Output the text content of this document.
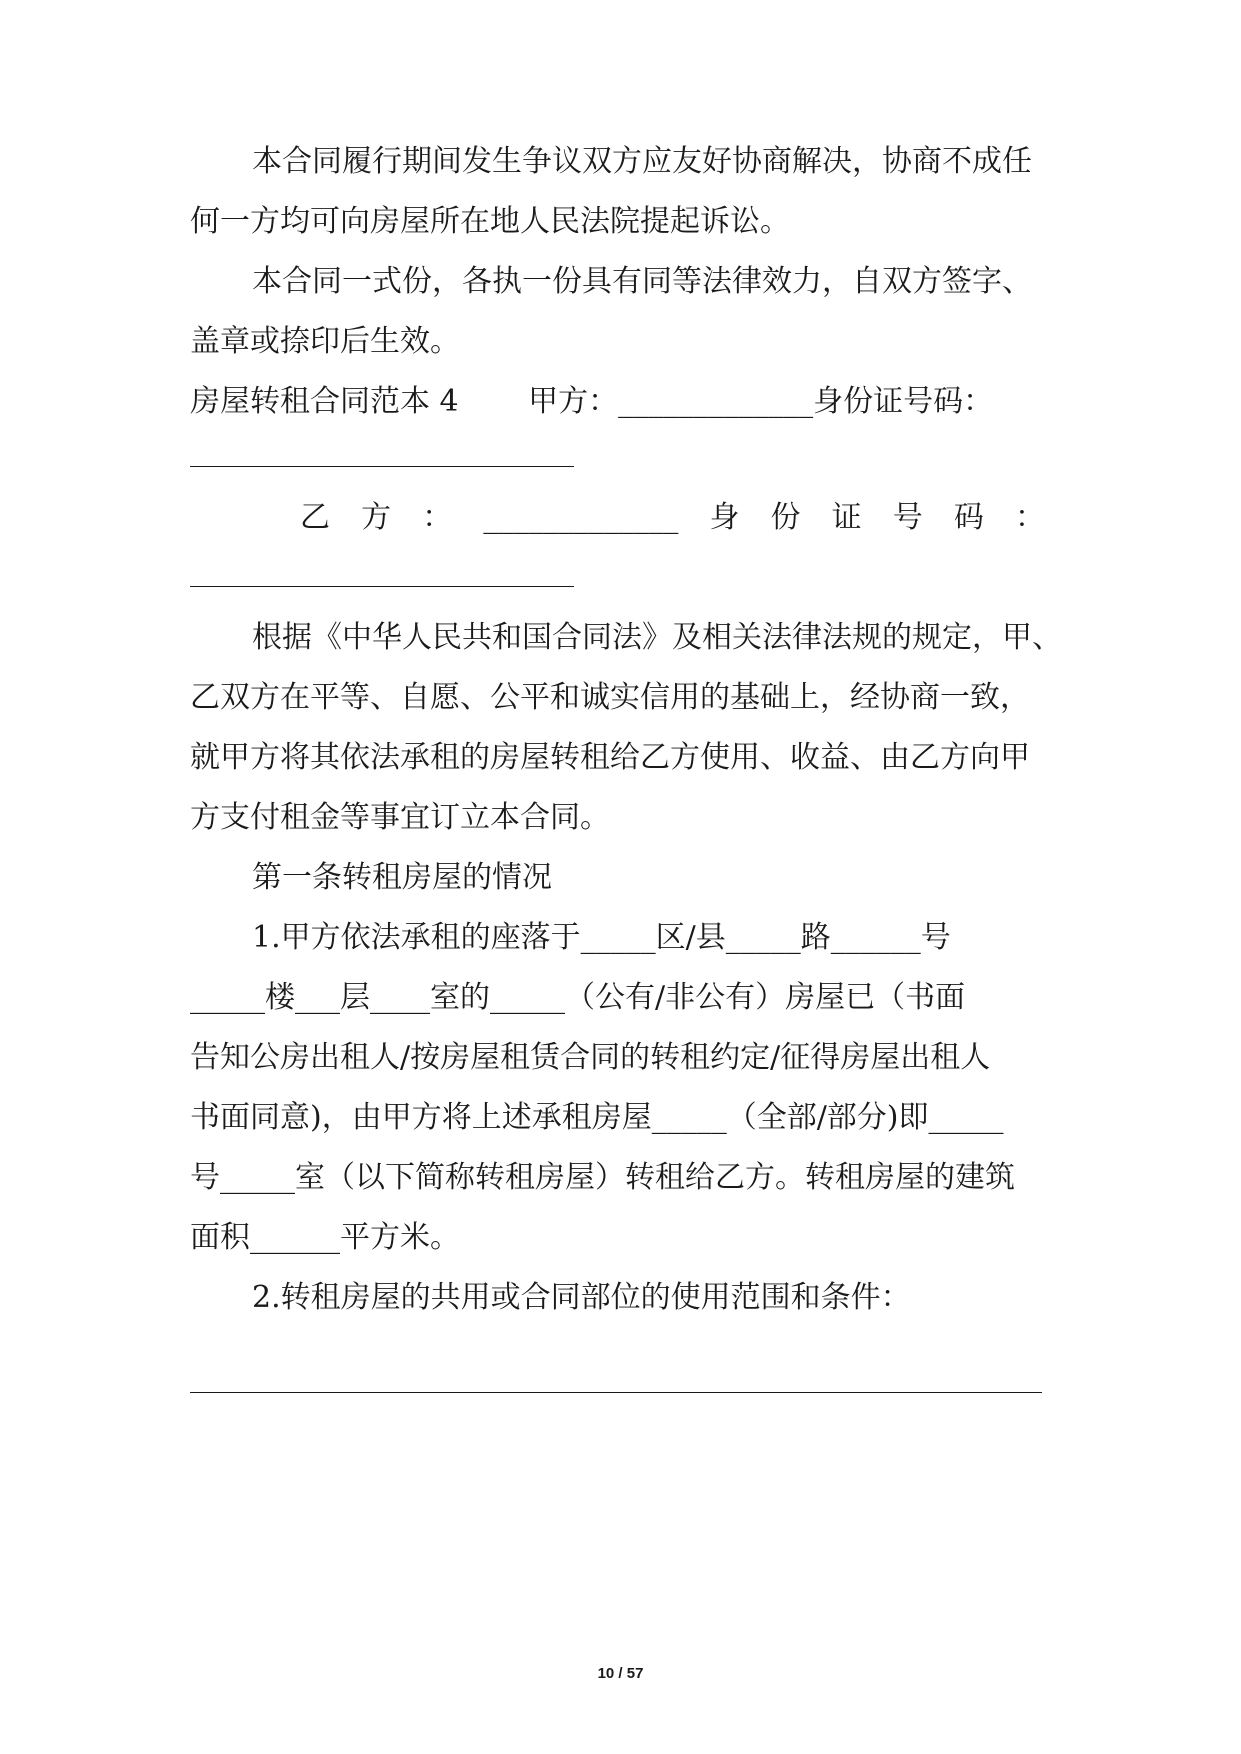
本合同履行期间发生争议双方应友好协商解决，协商不成任

何一方均可向房屋所在地人民法院提起诉讼。

本合同一式份，各执一份具有同等法律效力，自双方签字、

盖章或捺印后生效。

房屋转租合同范本 4　　 甲方：_____________身份证号码：

乙 方 ： _____________ 身 份 证 号 码 ：

根据《中华人民共和国合同法》及相关法律法规的规定，甲、

乙双方在平等、自愿、公平和诚实信用的基础上，经协商一致，

就甲方将其依法承租的房屋转租给乙方使用、收益、由乙方向甲

方支付租金等事宜订立本合同。

第一条转租房屋的情况

1.甲方依法承租的座落于_____区/县_____路______号

_____楼___层____室的_____（公有/非公有）房屋已（书面

告知公房出租人/按房屋租赁合同的转租约定/征得房屋出租人

书面同意)，由甲方将上述承租房屋_____（全部/部分)即_____

号_____室（以下简称转租房屋）转租给乙方。转租房屋的建筑

面积______平方米。

2.转租房屋的共用或合同部位的使用范围和条件：

10 / 57
